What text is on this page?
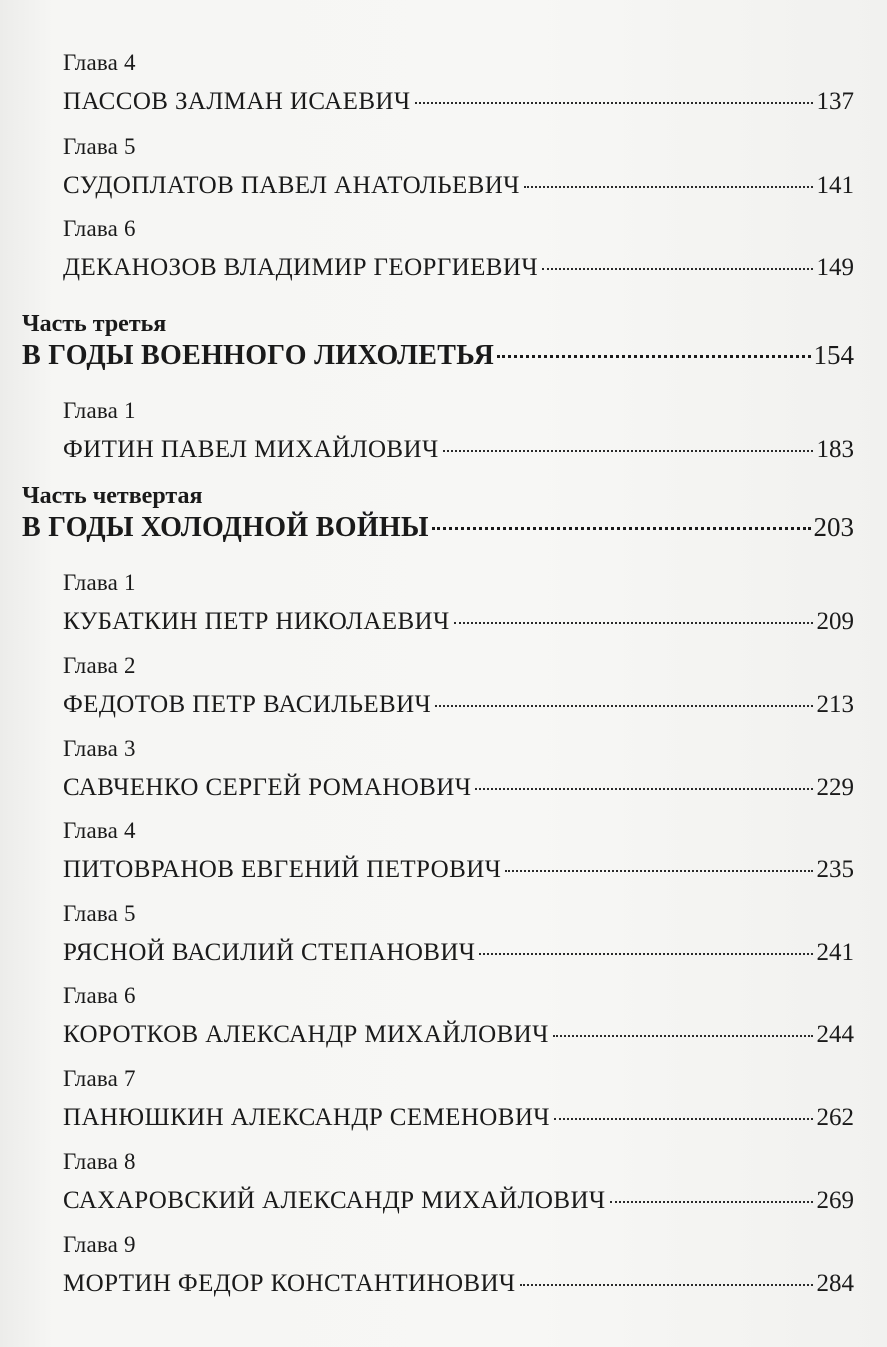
Глава 4
ПАССОВ ЗАЛМАН ИСАЕВИЧ	137
Глава 5
СУДОПЛАТОВ ПАВЕЛ АНАТОЛЬЕВИЧ	141
Глава 6
ДЕКАНОЗОВ ВЛАДИМИР ГЕОРГИЕВИЧ	149
Часть третья
В ГОДЫ ВОЕННОГО ЛИХОЛЕТЬЯ	154
Глава 1
ФИТИН ПАВЕЛ МИХАЙЛОВИЧ	183
Часть четвертая
В ГОДЫ ХОЛОДНОЙ ВОЙНЫ	203
Глава 1
КУБАТКИН ПЕТР НИКОЛАЕВИЧ	209
Глава 2
ФЕДОТОВ ПЕТР ВАСИЛЬЕВИЧ	213
Глава 3
САВЧЕНКО СЕРГЕЙ РОМАНОВИЧ	229
Глава 4
ПИТОВРАНОВ ЕВГЕНИЙ ПЕТРОВИЧ	235
Глава 5
РЯСНОЙ ВАСИЛИЙ СТЕПАНОВИЧ	241
Глава 6
КОРОТКОВ АЛЕКСАНДР МИХАЙЛОВИЧ	244
Глава 7
ПАНЮШКИН АЛЕКСАНДР СЕМЕНОВИЧ	262
Глава 8
САХАРОВСКИЙ АЛЕКСАНДР МИХАЙЛОВИЧ	269
Глава 9
МОРТИН ФЕДОР КОНСТАНТИНОВИЧ	284
